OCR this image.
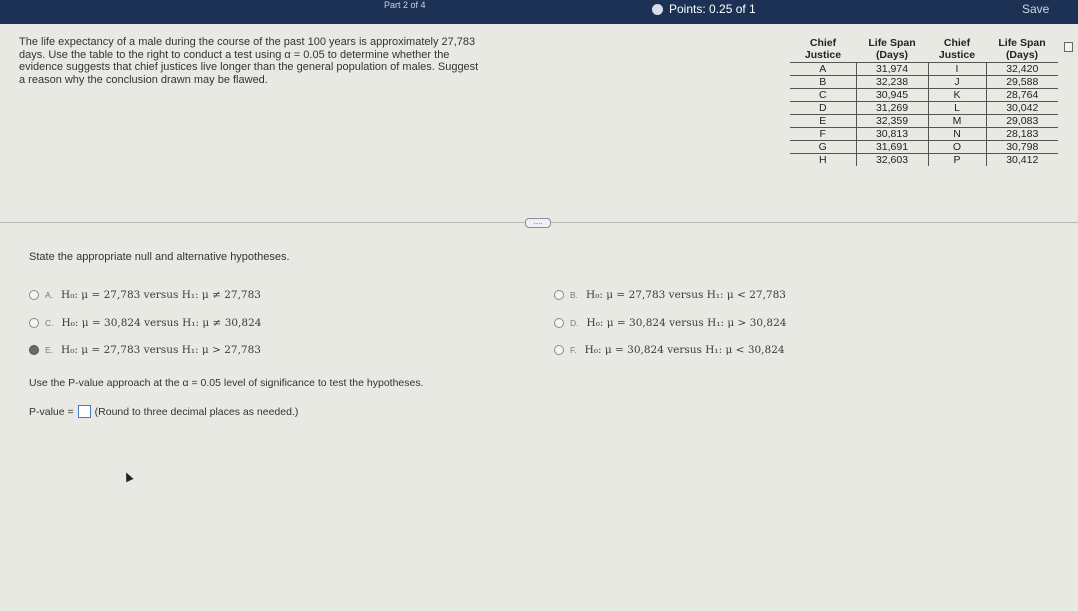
Part 2 of 4	Points: 0.25 of 1	Save
The life expectancy of a male during the course of the past 100 years is approximately 27,783 days. Use the table to the right to conduct a test using α = 0.05 to determine whether the evidence suggests that chief justices live longer than the general population of males. Suggest a reason why the conclusion drawn may be flawed.
Chief Justice	Life Span (Days)	Chief Justice	Life Span (Days)
A	31,974	I	32,420
B	32,238	J	29,588
C	30,945	K	28,764
D	31,269	L	30,042
E	32,359	M	29,083
F	30,813	N	28,183
G	31,691	O	30,798
H	32,603	P	30,412
....
State the appropriate null and alternative hypotheses.
A. H₀: μ = 27,783 versus H₁: μ ≠ 27,783	B. H₀: μ = 27,783 versus H₁: μ < 27,783
C. H₀: μ = 30,824 versus H₁: μ ≠ 30,824	D. H₀: μ = 30,824 versus H₁: μ > 30,824
E. H₀: μ = 27,783 versus H₁: μ > 27,783	F. H₀: μ = 30,824 versus H₁: μ < 30,824
Use the P-value approach at the α = 0.05 level of significance to test the hypotheses.
P-value = (Round to three decimal places as needed.)
